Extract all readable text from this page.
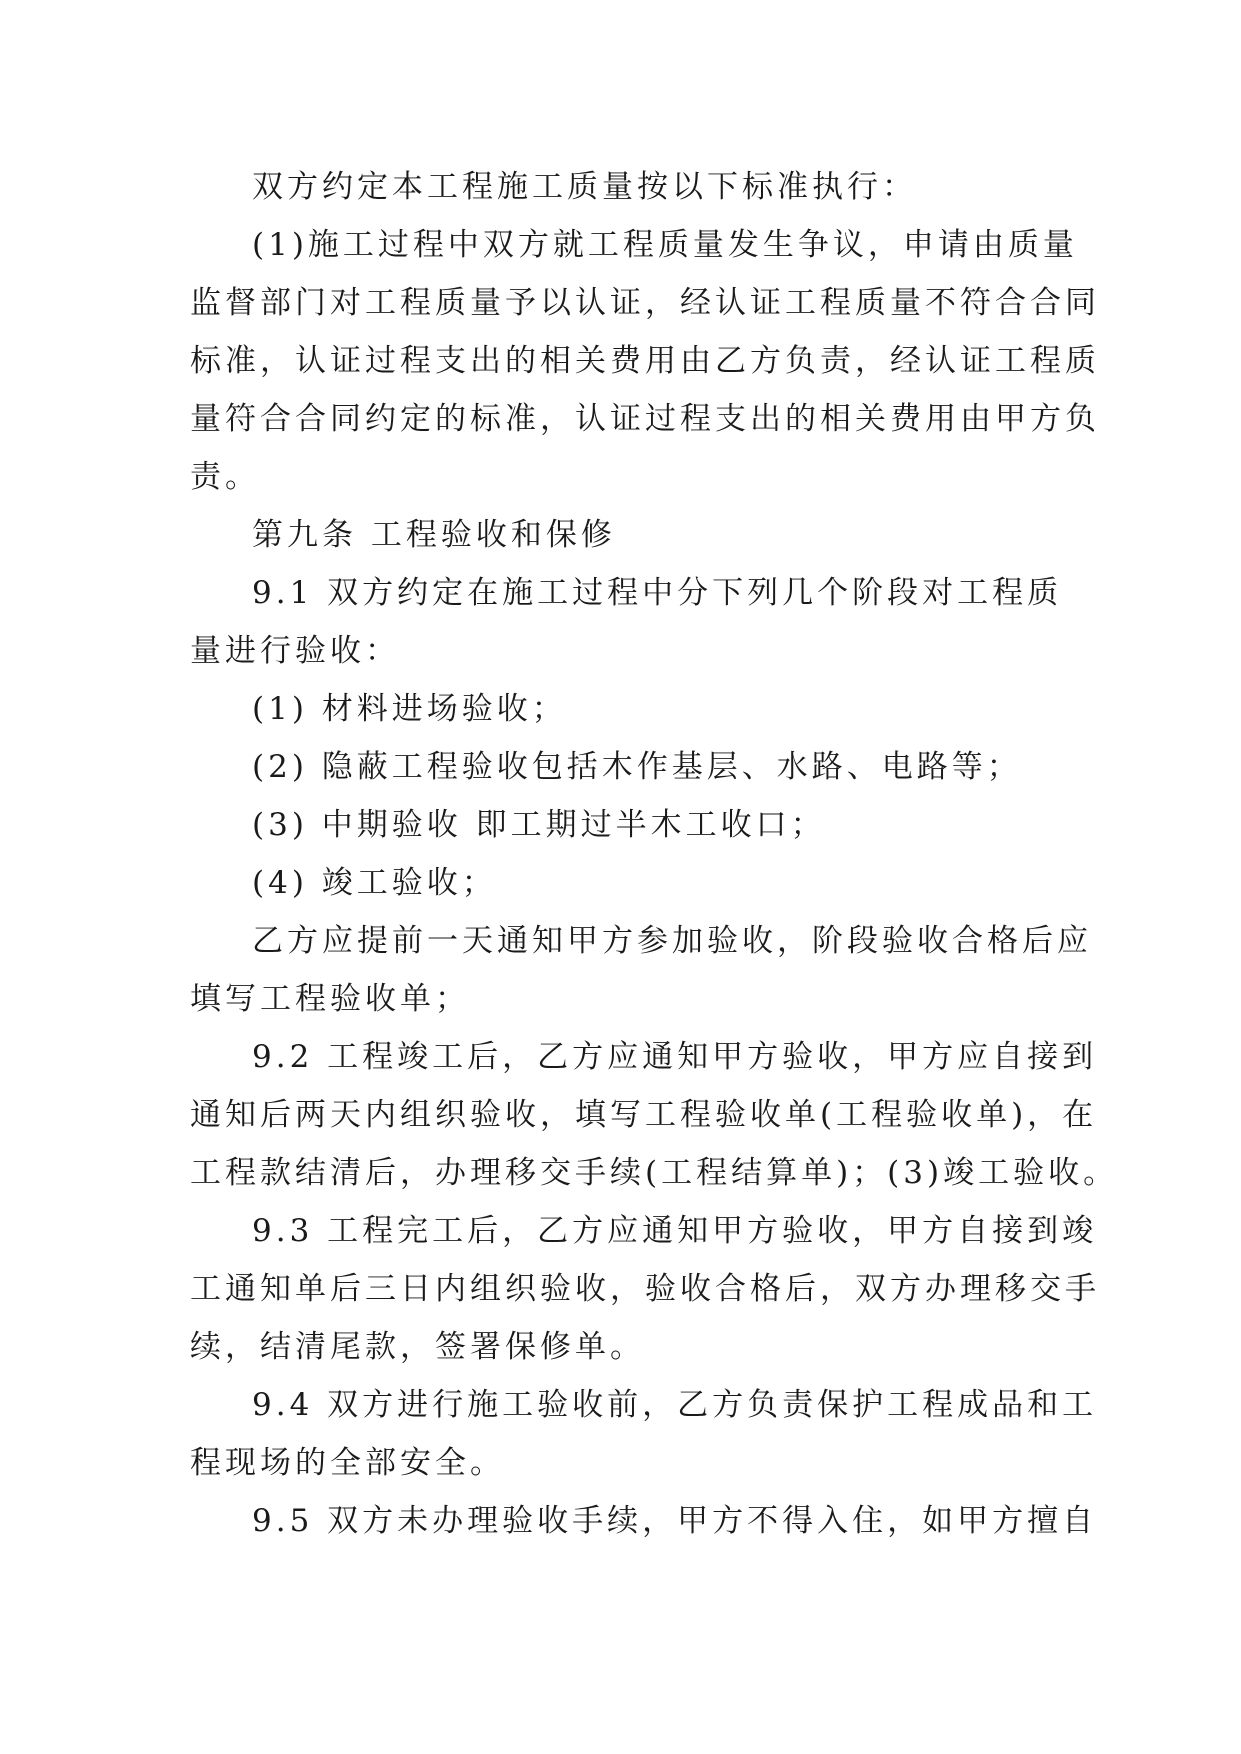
双方约定本工程施工质量按以下标准执行：

(1)施工过程中双方就工程质量发生争议，申请由质量

监督部门对工程质量予以认证，经认证工程质量不符合合同

标准，认证过程支出的相关费用由乙方负责，经认证工程质

量符合合同约定的标准，认证过程支出的相关费用由甲方负

责。

第九条 工程验收和保修

9.1 双方约定在施工过程中分下列几个阶段对工程质

量进行验收：

(1) 材料进场验收；

(2) 隐蔽工程验收包括木作基层、水路、电路等；

(3) 中期验收 即工期过半木工收口；

(4) 竣工验收；

乙方应提前一天通知甲方参加验收，阶段验收合格后应

填写工程验收单；

9.2 工程竣工后，乙方应通知甲方验收，甲方应自接到

通知后两天内组织验收，填写工程验收单(工程验收单)，在

工程款结清后，办理移交手续(工程结算单)；(3)竣工验收。

9.3 工程完工后，乙方应通知甲方验收，甲方自接到竣

工通知单后三日内组织验收，验收合格后，双方办理移交手

续，结清尾款，签署保修单。

9.4 双方进行施工验收前，乙方负责保护工程成品和工

程现场的全部安全。

9.5 双方未办理验收手续，甲方不得入住，如甲方擅自
